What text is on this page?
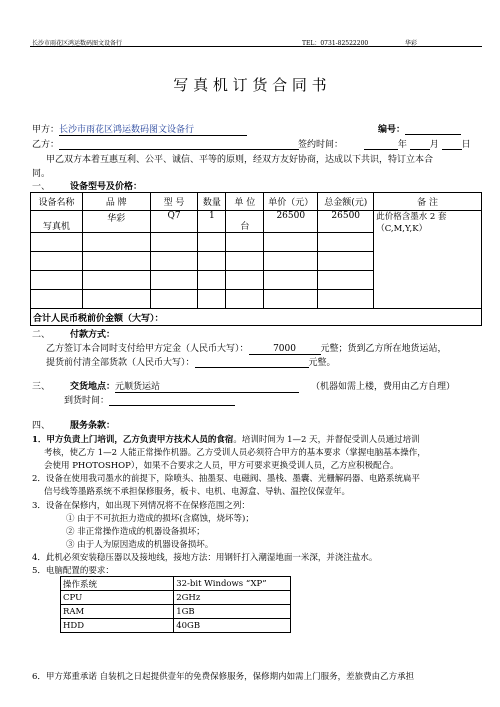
长沙市雨花区鸿运数码图文设备行	TEL：0731-82522200	华彩
写 真 机 订 货 合 同 书
甲方：长沙市雨花区鸿运数码图文设备行	编号：
乙方：	签约时间：	年	月	日
甲乙双方本着互惠互利、公平、诚信、平等的原则，经双方友好协商，达成以下共识，特订立本合
同。
一、 设备型号及价格：
设备名称	品 牌	型 号	数量	单 位	单价（元）	总金额(元)	备 注
写真机	华彩	Q7	1	台	26500	26500	此价格含墨水 2 套
（C,M,Y,K）

合计人民币税前价金额（大写）：							
二、 付款方式：
乙方签订本合同时支付给甲方定金（人民币大写）：	7000	元整；货到乙方所在地货运站，
提货前付清全部货款（人民币大写）：	元整。
三、 交货地点：元顺货运站	（机器如需上楼，费用由乙方自理）
到货时间：
四、 服务条款：
1．甲方负责上门培训，乙方负责甲方技术人员的食宿。培训时间为 1—2 天，并督促受训人员通过培训
考核，使乙方 1—2 人能正常操作机器。乙方受训人员必须符合甲方的基本要求（掌握电脑基本操作，
会使用 PHOTOSHOP），如果不合要求之人员，甲方可要求更换受训人员，乙方应积极配合。
2．设备在使用我司墨水的前提下，除喷头、抽墨泵、电磁阀、墨栈、墨囊、光栅解码器、电路系统扁平
信号线等墨路系统不承担保修服务，板卡、电机、电源盒、导轨、温控仪保壹年。
3．设备在保修内，如出现下列情况将不在保修范围之列：
① 由于不可抗拒力造成的损坏(含腐蚀，烧坏等)；
② 非正常操作造成的机器设备损坏；
③ 由于人为原因造成的机器设备损坏。
4．此机必须安装稳压器以及接地线，接地方法：用钢钎打入潮湿地面一米深，并浇注盐水。
5．电脑配置的要求：
操作系统	32-bit Windows “XP”
CPU	2GHz
RAM	1GB
HDD	40GB
6．甲方郑重承诺 自装机之日起提供壹年的免费保修服务，保修期内如需上门服务，差旅费由乙方承担
